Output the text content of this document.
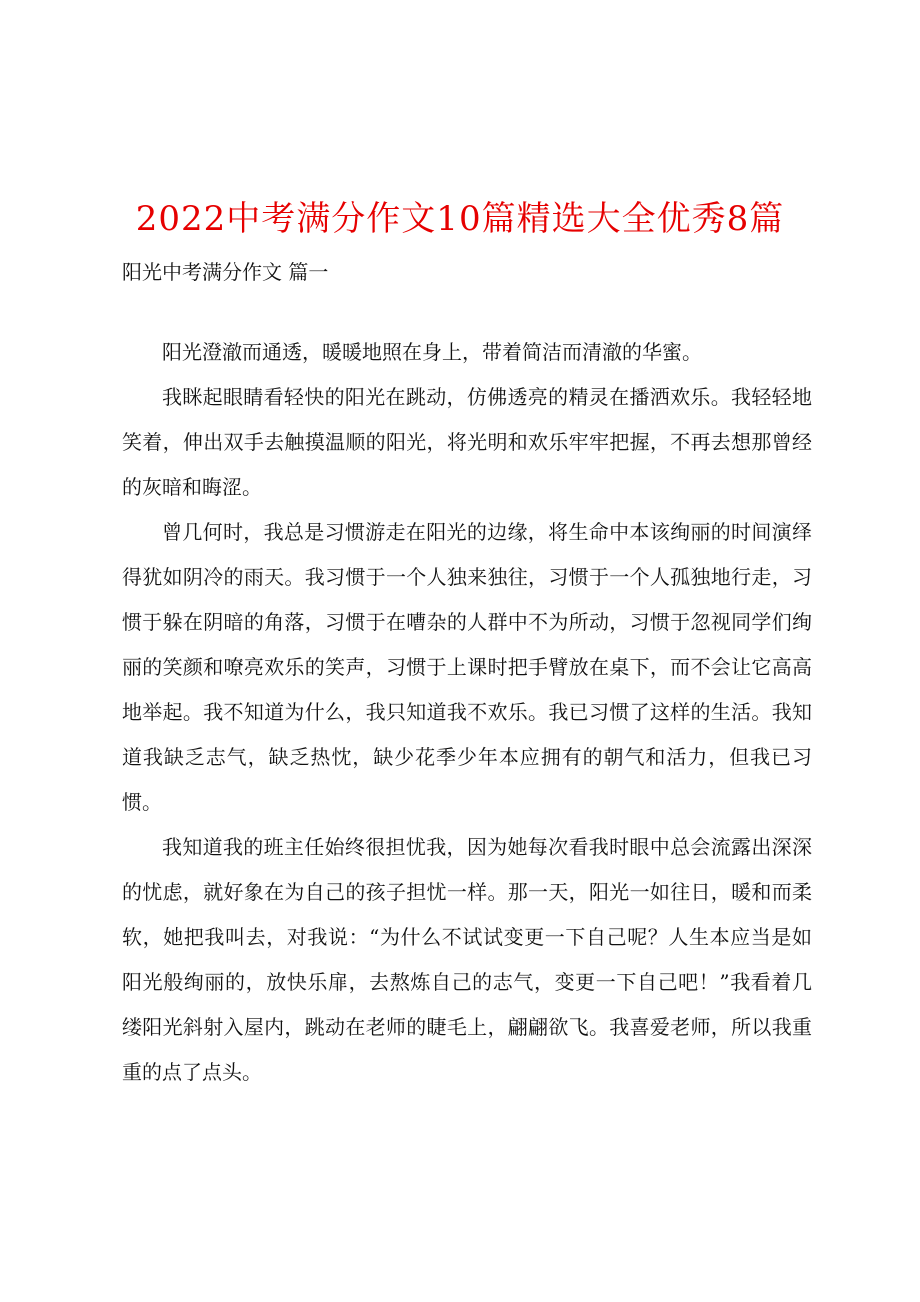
2022中考满分作文10篇精选大全优秀8篇
阳光中考满分作文 篇一

阳光澄澈而通透，暖暖地照在身上，带着简洁而清澈的华蜜。

我眯起眼睛看轻快的阳光在跳动，仿佛透亮的精灵在播洒欢乐。我轻轻地笑着，伸出双手去触摸温顺的阳光，将光明和欢乐牢牢把握，不再去想那曾经的灰暗和晦涩。

曾几何时，我总是习惯游走在阳光的边缘，将生命中本该绚丽的时间演绎得犹如阴冷的雨天。我习惯于一个人独来独往，习惯于一个人孤独地行走，习惯于躲在阴暗的角落，习惯于在嘈杂的人群中不为所动，习惯于忽视同学们绚丽的笑颜和嘹亮欢乐的笑声，习惯于上课时把手臂放在桌下，而不会让它高高地举起。我不知道为什么，我只知道我不欢乐。我已习惯了这样的生活。我知道我缺乏志气，缺乏热忱，缺少花季少年本应拥有的朝气和活力，但我已习惯。

我知道我的班主任始终很担忧我，因为她每次看我时眼中总会流露出深深的忧虑，就好象在为自己的孩子担忧一样。那一天，阳光一如往日，暖和而柔软，她把我叫去，对我说：“为什么不试试变更一下自己呢？人生本应当是如阳光般绚丽的，放快乐扉，去熬炼自己的志气，变更一下自己吧！”我看着几缕阳光斜射入屋内，跳动在老师的睫毛上，翩翩欲飞。我喜爱老师，所以我重重的点了点头。
